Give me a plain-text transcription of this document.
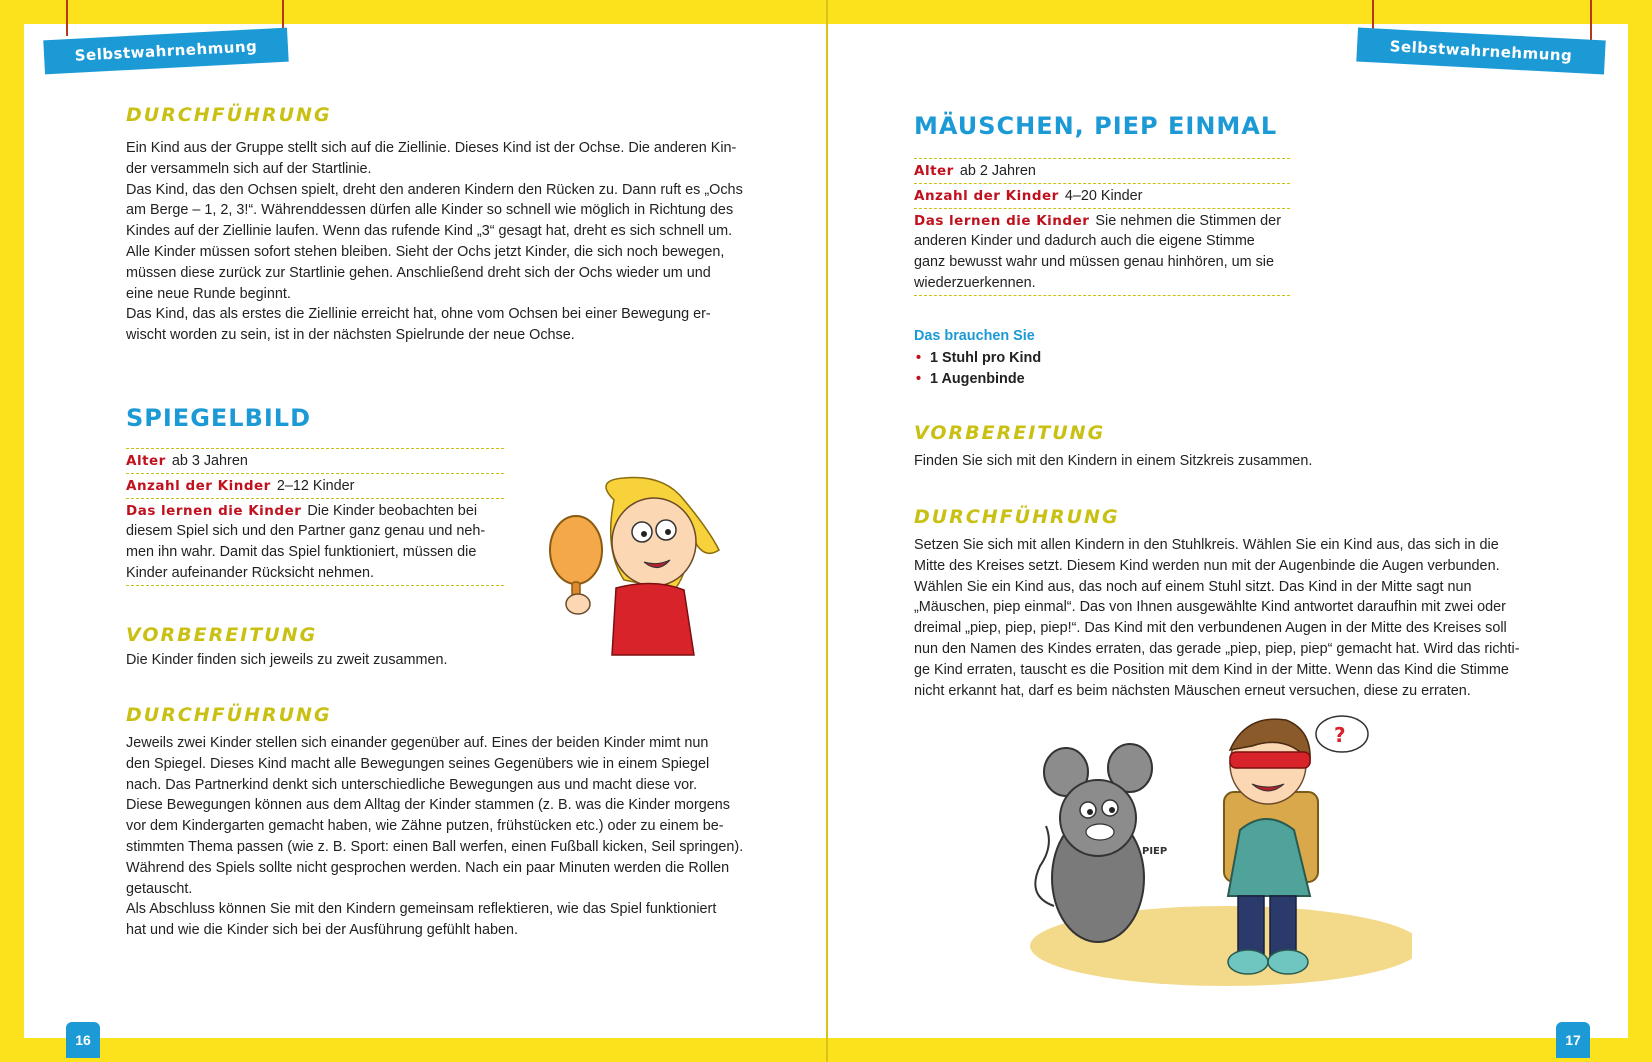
Selbstwahrnehmung	Selbstwahrnehmung
DURCHFÜHRUNG

Ein Kind aus der Gruppe stellt sich auf die Ziellinie. Dieses Kind ist der Ochse. Die anderen Kin-
der versammeln sich auf der Startlinie.

Das Kind, das den Ochsen spielt, dreht den anderen Kindern den Rücken zu. Dann ruft es „Ochs
am Berge – 1, 2, 3!“. Währenddessen dürfen alle Kinder so schnell wie möglich in Richtung des
Kindes auf der Ziellinie laufen. Wenn das rufende Kind „3“ gesagt hat, dreht es sich schnell um.
Alle Kinder müssen sofort stehen bleiben. Sieht der Ochs jetzt Kinder, die sich noch bewegen,
müssen diese zurück zur Startlinie gehen. Anschließend dreht sich der Ochs wieder um und
eine neue Runde beginnt.

Das Kind, das als erstes die Ziellinie erreicht hat, ohne vom Ochsen bei einer Bewegung er-
wischt worden zu sein, ist in der nächsten Spielrunde der neue Ochse.

SPIEGELBILD
Alter ab 3 Jahren
Anzahl der Kinder 2–12 Kinder
Das lernen die Kinder Die Kinder beobachten bei
diesem Spiel sich und den Partner ganz genau und neh-
men ihn wahr. Damit das Spiel funktioniert, müssen die
Kinder aufeinander Rücksicht nehmen.
VORBEREITUNG
Die Kinder finden sich jeweils zu zweit zusammen.
DURCHFÜHRUNG

Jeweils zwei Kinder stellen sich einander gegenüber auf. Eines der beiden Kinder mimt nun
den Spiegel. Dieses Kind macht alle Bewegungen seines Gegenübers wie in einem Spiegel
nach. Das Partnerkind denkt sich unterschiedliche Bewegungen aus und macht diese vor.
Diese Bewegungen können aus dem Alltag der Kinder stammen (z. B. was die Kinder morgens
vor dem Kindergarten gemacht haben, wie Zähne putzen, frühstücken etc.) oder zu einem be-
stimmten Thema passen (wie z. B. Sport: einen Ball werfen, einen Fußball kicken, Seil springen).
Während des Spiels sollte nicht gesprochen werden. Nach ein paar Minuten werden die Rollen
getauscht.

Als Abschluss können Sie mit den Kindern gemeinsam reflektieren, wie das Spiel funktioniert
hat und wie die Kinder sich bei der Ausführung gefühlt haben.

16
MÄUSCHEN, PIEP EINMAL
Alter ab 2 Jahren
Anzahl der Kinder 4–20 Kinder
Das lernen die Kinder Sie nehmen die Stimmen der
anderen Kinder und dadurch auch die eigene Stimme
ganz bewusst wahr und müssen genau hinhören, um sie
wiederzuerkennen.
Das brauchen Sie
• 1 Stuhl pro Kind
• 1 Augenbinde
VORBEREITUNG
Finden Sie sich mit den Kindern in einem Sitzkreis zusammen.
DURCHFÜHRUNG
Setzen Sie sich mit allen Kindern in den Stuhlkreis. Wählen Sie ein Kind aus, das sich in die
Mitte des Kreises setzt. Diesem Kind werden nun mit der Augenbinde die Augen verbunden.
Wählen Sie ein Kind aus, das noch auf einem Stuhl sitzt. Das Kind in der Mitte sagt nun
„Mäuschen, piep einmal“. Das von Ihnen ausgewählte Kind antwortet daraufhin mit zwei oder
dreimal „piep, piep, piep!“. Das Kind mit den verbundenen Augen in der Mitte des Kreises soll
nun den Namen des Kindes erraten, das gerade „piep, piep, piep“ gemacht hat. Wird das richti-
ge Kind erraten, tauscht es die Position mit dem Kind in der Mitte. Wenn das Kind die Stimme
nicht erkannt hat, darf es beim nächsten Mäuschen erneut versuchen, diese zu erraten.
PIEP
?
17
